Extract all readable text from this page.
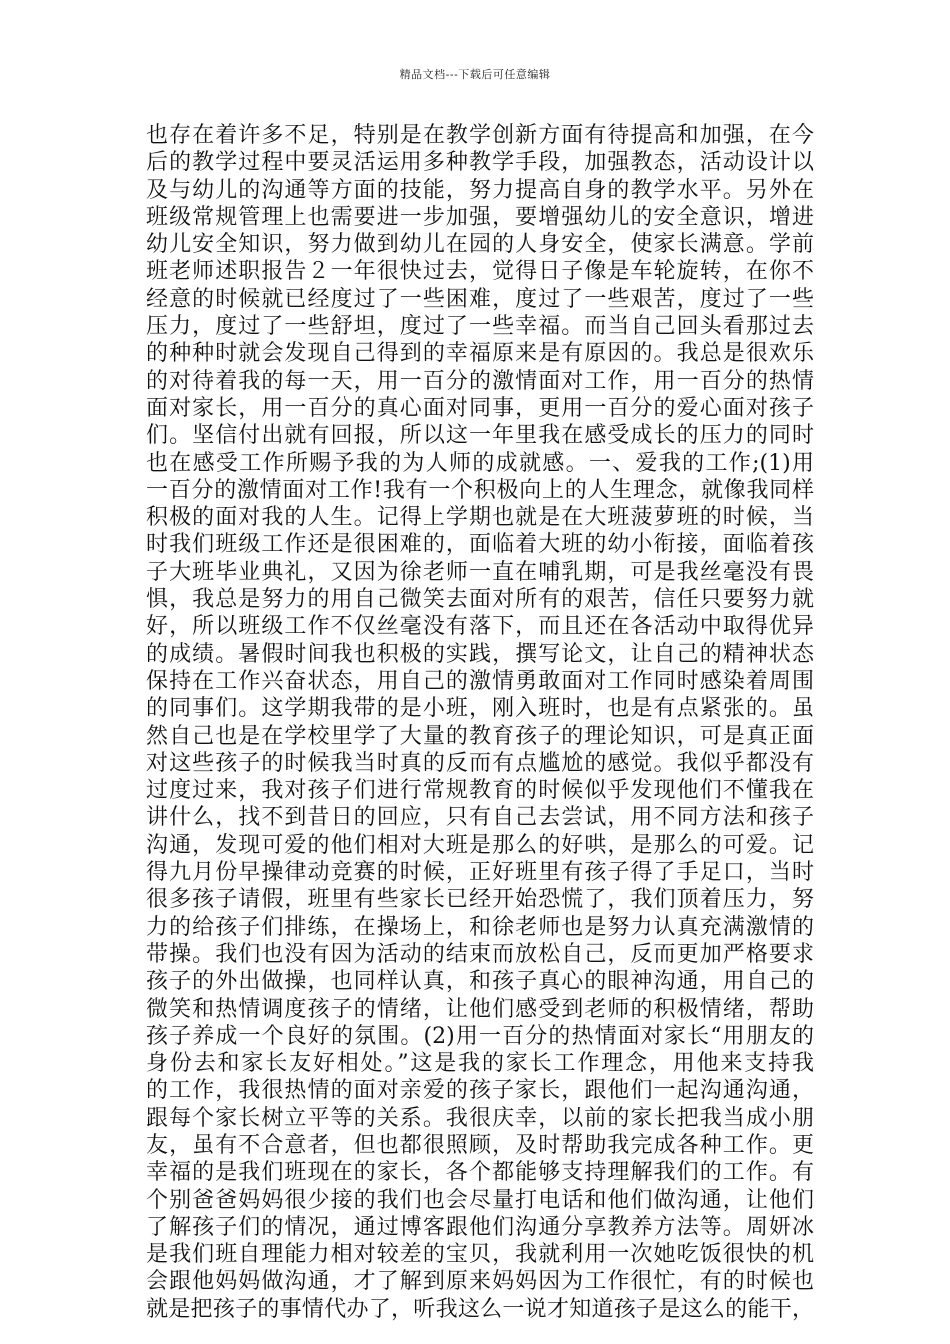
精品文档---下载后可任意编辑
也存在着许多不足，特别是在教学创新方面有待提高和加强，在今
后的教学过程中要灵活运用多种教学手段，加强教态，活动设计以
及与幼儿的沟通等方面的技能，努力提高自身的教学水平。另外在
班级常规管理上也需要进一步加强，要增强幼儿的安全意识，增进
幼儿安全知识，努力做到幼儿在园的人身安全，使家长满意。学前
班老师述职报告２一年很快过去，觉得日子像是车轮旋转，在你不
经意的时候就已经度过了一些困难，度过了一些艰苦，度过了一些
压力，度过了一些舒坦，度过了一些幸福。而当自己回头看那过去
的种种时就会发现自己得到的幸福原来是有原因的。我总是很欢乐
的对待着我的每一天，用一百分的激情面对工作，用一百分的热情
面对家长，用一百分的真心面对同事，更用一百分的爱心面对孩子
们。坚信付出就有回报，所以这一年里我在感受成长的压力的同时
也在感受工作所赐予我的为人师的成就感。一、爱我的工作;(1)用
一百分的激情面对工作!我有一个积极向上的人生理念，就像我同样
积极的面对我的人生。记得上学期也就是在大班菠萝班的时候，当
时我们班级工作还是很困难的，面临着大班的幼小衔接，面临着孩
子大班毕业典礼，又因为徐老师一直在哺乳期，可是我丝毫没有畏
惧，我总是努力的用自己微笑去面对所有的艰苦，信任只要努力就
好，所以班级工作不仅丝毫没有落下，而且还在各活动中取得优异
的成绩。暑假时间我也积极的实践，撰写论文，让自己的精神状态
保持在工作兴奋状态，用自己的激情勇敢面对工作同时感染着周围
的同事们。这学期我带的是小班，刚入班时，也是有点紧张的。虽
然自己也是在学校里学了大量的教育孩子的理论知识，可是真正面
对这些孩子的时候我当时真的反而有点尴尬的感觉。我似乎都没有
过度过来，我对孩子们进行常规教育的时候似乎发现他们不懂我在
讲什么，找不到昔日的回应，只有自己去尝试，用不同方法和孩子
沟通，发现可爱的他们相对大班是那么的好哄，是那么的可爱。记
得九月份早操律动竞赛的时候，正好班里有孩子得了手足口，当时
很多孩子请假，班里有些家长已经开始恐慌了，我们顶着压力，努
力的给孩子们排练，在操场上，和徐老师也是努力认真充满激情的
带操。我们也没有因为活动的结束而放松自己，反而更加严格要求
孩子的外出做操，也同样认真，和孩子真心的眼神沟通，用自己的
微笑和热情调度孩子的情绪，让他们感受到老师的积极情绪，帮助
孩子养成一个良好的氛围。(2)用一百分的热情面对家长“用朋友的
身份去和家长友好相处。”这是我的家长工作理念，用他来支持我
的工作，我很热情的面对亲爱的孩子家长，跟他们一起沟通沟通，
跟每个家长树立平等的关系。我很庆幸，以前的家长把我当成小朋
友，虽有不合意者，但也都很照顾，及时帮助我完成各种工作。更
幸福的是我们班现在的家长，各个都能够支持理解我们的工作。有
个别爸爸妈妈很少接的我们也会尽量打电话和他们做沟通，让他们
了解孩子们的情况，通过博客跟他们沟通分享教养方法等。周妍冰
是我们班自理能力相对较差的宝贝，我就利用一次她吃饭很快的机
会跟他妈妈做沟通，才了解到原来妈妈因为工作很忙，有的时候也
就是把孩子的事情代办了，听我这么一说才知道孩子是这么的能干，
